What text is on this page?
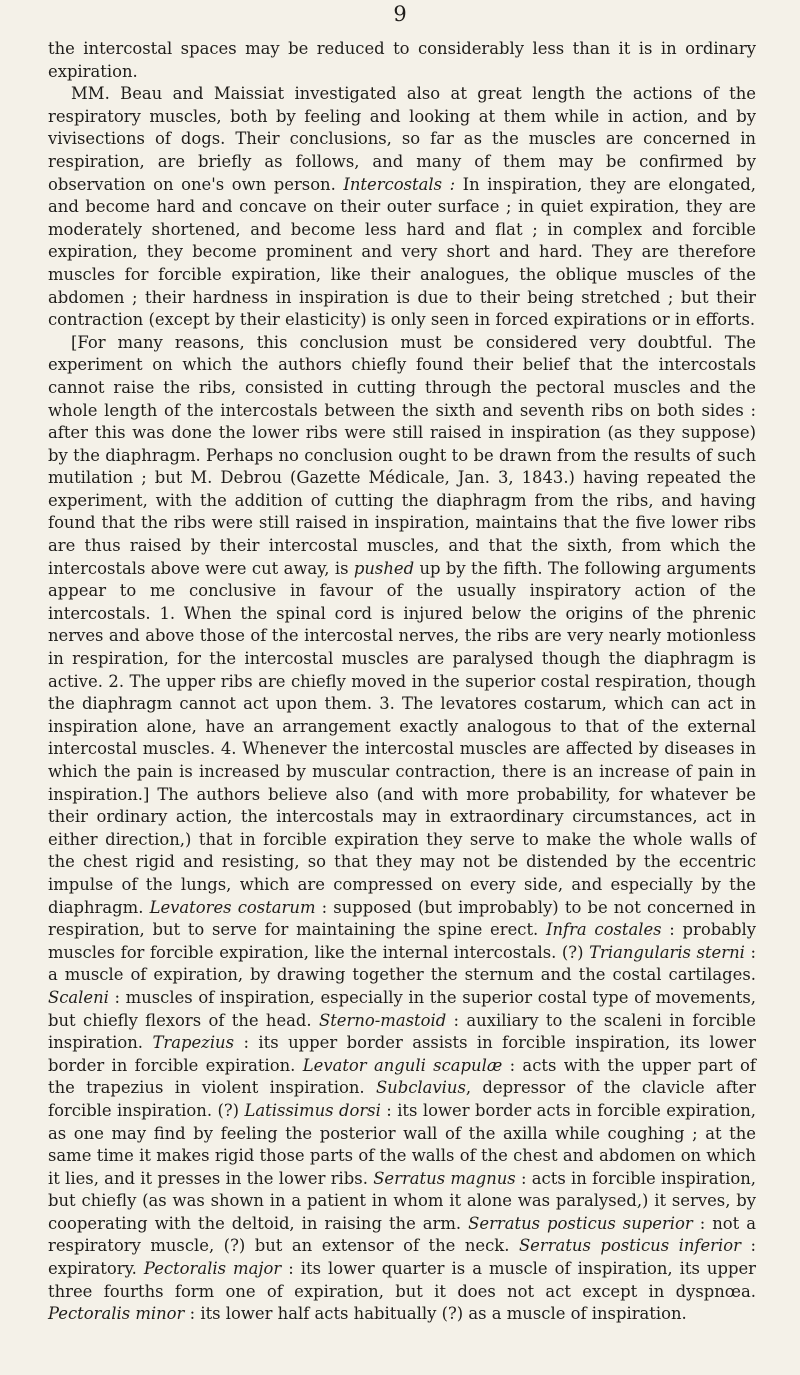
9

the intercostal spaces may be reduced to considerably less than it is in ordinary expiration.

MM. Beau and Maissiat investigated also at great length the actions of the respiratory muscles, both by feeling and looking at them while in action, and by vivisections of dogs. Their conclusions, so far as the muscles are concerned in respiration, are briefly as follows, and many of them may be confirmed by observation on one's own person. Intercostals : In inspiration, they are elongated, and become hard and concave on their outer surface ; in quiet expiration, they are moderately shortened, and become less hard and flat ; in complex and forcible expiration, they become prominent and very short and hard. They are therefore muscles for forcible expiration, like their analogues, the oblique muscles of the abdomen ; their hardness in inspiration is due to their being stretched ; but their contraction (except by their elasticity) is only seen in forced expirations or in efforts.

[For many reasons, this conclusion must be considered very doubtful. The experiment on which the authors chiefly found their belief that the intercostals cannot raise the ribs, consisted in cutting through the pectoral muscles and the whole length of the intercostals between the sixth and seventh ribs on both sides : after this was done the lower ribs were still raised in inspiration (as they suppose) by the diaphragm. Perhaps no conclusion ought to be drawn from the results of such mutilation ; but M. Debrou (Gazette Médicale, Jan. 3, 1843.) having repeated the experiment, with the addition of cutting the diaphragm from the ribs, and having found that the ribs were still raised in inspiration, maintains that the five lower ribs are thus raised by their intercostal muscles, and that the sixth, from which the intercostals above were cut away, is pushed up by the fifth. The following arguments appear to me conclusive in favour of the usually inspiratory action of the intercostals. 1. When the spinal cord is injured below the origins of the phrenic nerves and above those of the intercostal nerves, the ribs are very nearly motionless in respiration, for the intercostal muscles are paralysed though the diaphragm is active. 2. The upper ribs are chiefly moved in the superior costal respiration, though the diaphragm cannot act upon them. 3. The levatores costarum, which can act in inspiration alone, have an arrangement exactly analogous to that of the external intercostal muscles. 4. Whenever the intercostal muscles are affected by diseases in which the pain is increased by muscular contraction, there is an increase of pain in inspiration.] The authors believe also (and with more probability, for whatever be their ordinary action, the intercostals may in extraordinary circumstances, act in either direction,) that in forcible expiration they serve to make the whole walls of the chest rigid and resisting, so that they may not be distended by the eccentric impulse of the lungs, which are compressed on every side, and especially by the diaphragm. Levatores costarum : supposed (but improbably) to be not concerned in respiration, but to serve for maintaining the spine erect. Infra costales : probably muscles for forcible expiration, like the internal intercostals. (?) Triangularis sterni : a muscle of expiration, by drawing together the sternum and the costal cartilages. Scaleni : muscles of inspiration, especially in the superior costal type of movements, but chiefly flexors of the head. Sterno-mastoid : auxiliary to the scaleni in forcible inspiration. Trapezius : its upper border assists in forcible inspiration, its lower border in forcible expiration. Levator anguli scapulæ : acts with the upper part of the trapezius in violent inspiration. Subclavius, depressor of the clavicle after forcible inspiration. (?) Latissimus dorsi : its lower border acts in forcible expiration, as one may find by feeling the posterior wall of the axilla while coughing ; at the same time it makes rigid those parts of the walls of the chest and abdomen on which it lies, and it presses in the lower ribs. Serratus magnus : acts in forcible inspiration, but chiefly (as was shown in a patient in whom it alone was paralysed,) it serves, by cooperating with the deltoid, in raising the arm. Serratus posticus superior : not a respiratory muscle, (?) but an extensor of the neck. Serratus posticus inferior : expiratory. Pectoralis major : its lower quarter is a muscle of inspiration, its upper three fourths form one of expiration, but it does not act except in dyspnœa. Pectoralis minor : its lower half acts habitually (?) as a muscle of inspiration.
